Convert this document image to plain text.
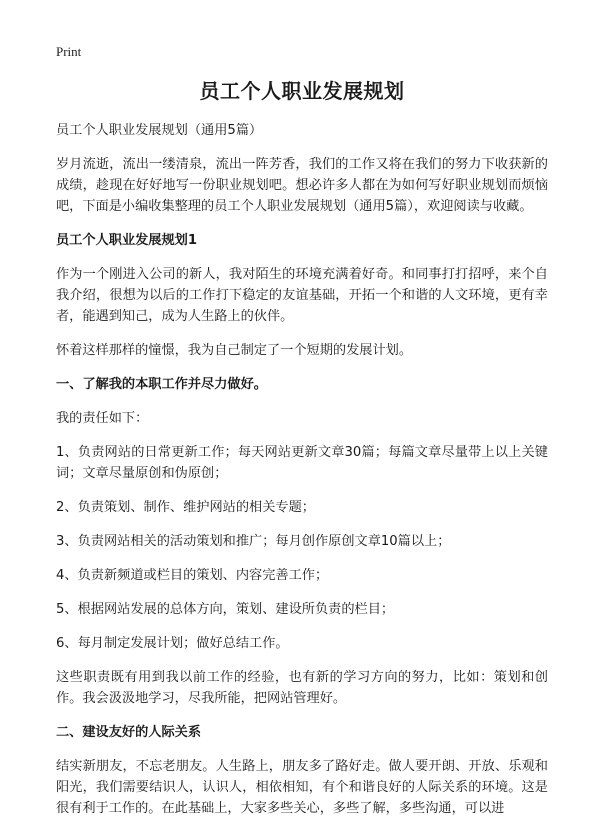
Print
员工个人职业发展规划
员工个人职业发展规划（通用5篇）
岁月流逝，流出一缕清泉，流出一阵芳香，我们的工作又将在我们的努力下收获新的成绩，趁现在好好地写一份职业规划吧。想必许多人都在为如何写好职业规划而烦恼吧，下面是小编收集整理的员工个人职业发展规划（通用5篇），欢迎阅读与收藏。
员工个人职业发展规划1
作为一个刚进入公司的新人，我对陌生的环境充满着好奇。和同事打打招呼，来个自我介绍，很想为以后的工作打下稳定的友谊基础，开拓一个和谐的人文环境，更有幸者，能遇到知己，成为人生路上的伙伴。
怀着这样那样的憧憬，我为自己制定了一个短期的发展计划。
一、了解我的本职工作并尽力做好。
我的责任如下：
1、负责网站的日常更新工作；每天网站更新文章30篇；每篇文章尽量带上以上关键词；文章尽量原创和伪原创；
2、负责策划、制作、维护网站的相关专题；
3、负责网站相关的活动策划和推广；每月创作原创文章10篇以上；
4、负责新频道或栏目的策划、内容完善工作；
5、根据网站发展的总体方向，策划、建设所负责的栏目；
6、每月制定发展计划；做好总结工作。
这些职责既有用到我以前工作的经验，也有新的学习方向的努力，比如：策划和创作。我会汲汲地学习，尽我所能，把网站管理好。
二、建设友好的人际关系
结实新朋友，不忘老朋友。人生路上，朋友多了路好走。做人要开朗、开放、乐观和阳光，我们需要结识人，认识人，相依相知，有个和谐良好的人际关系的环境。这是很有利于工作的。在此基础上，大家多些关心，多些了解，多些沟通，可以进
